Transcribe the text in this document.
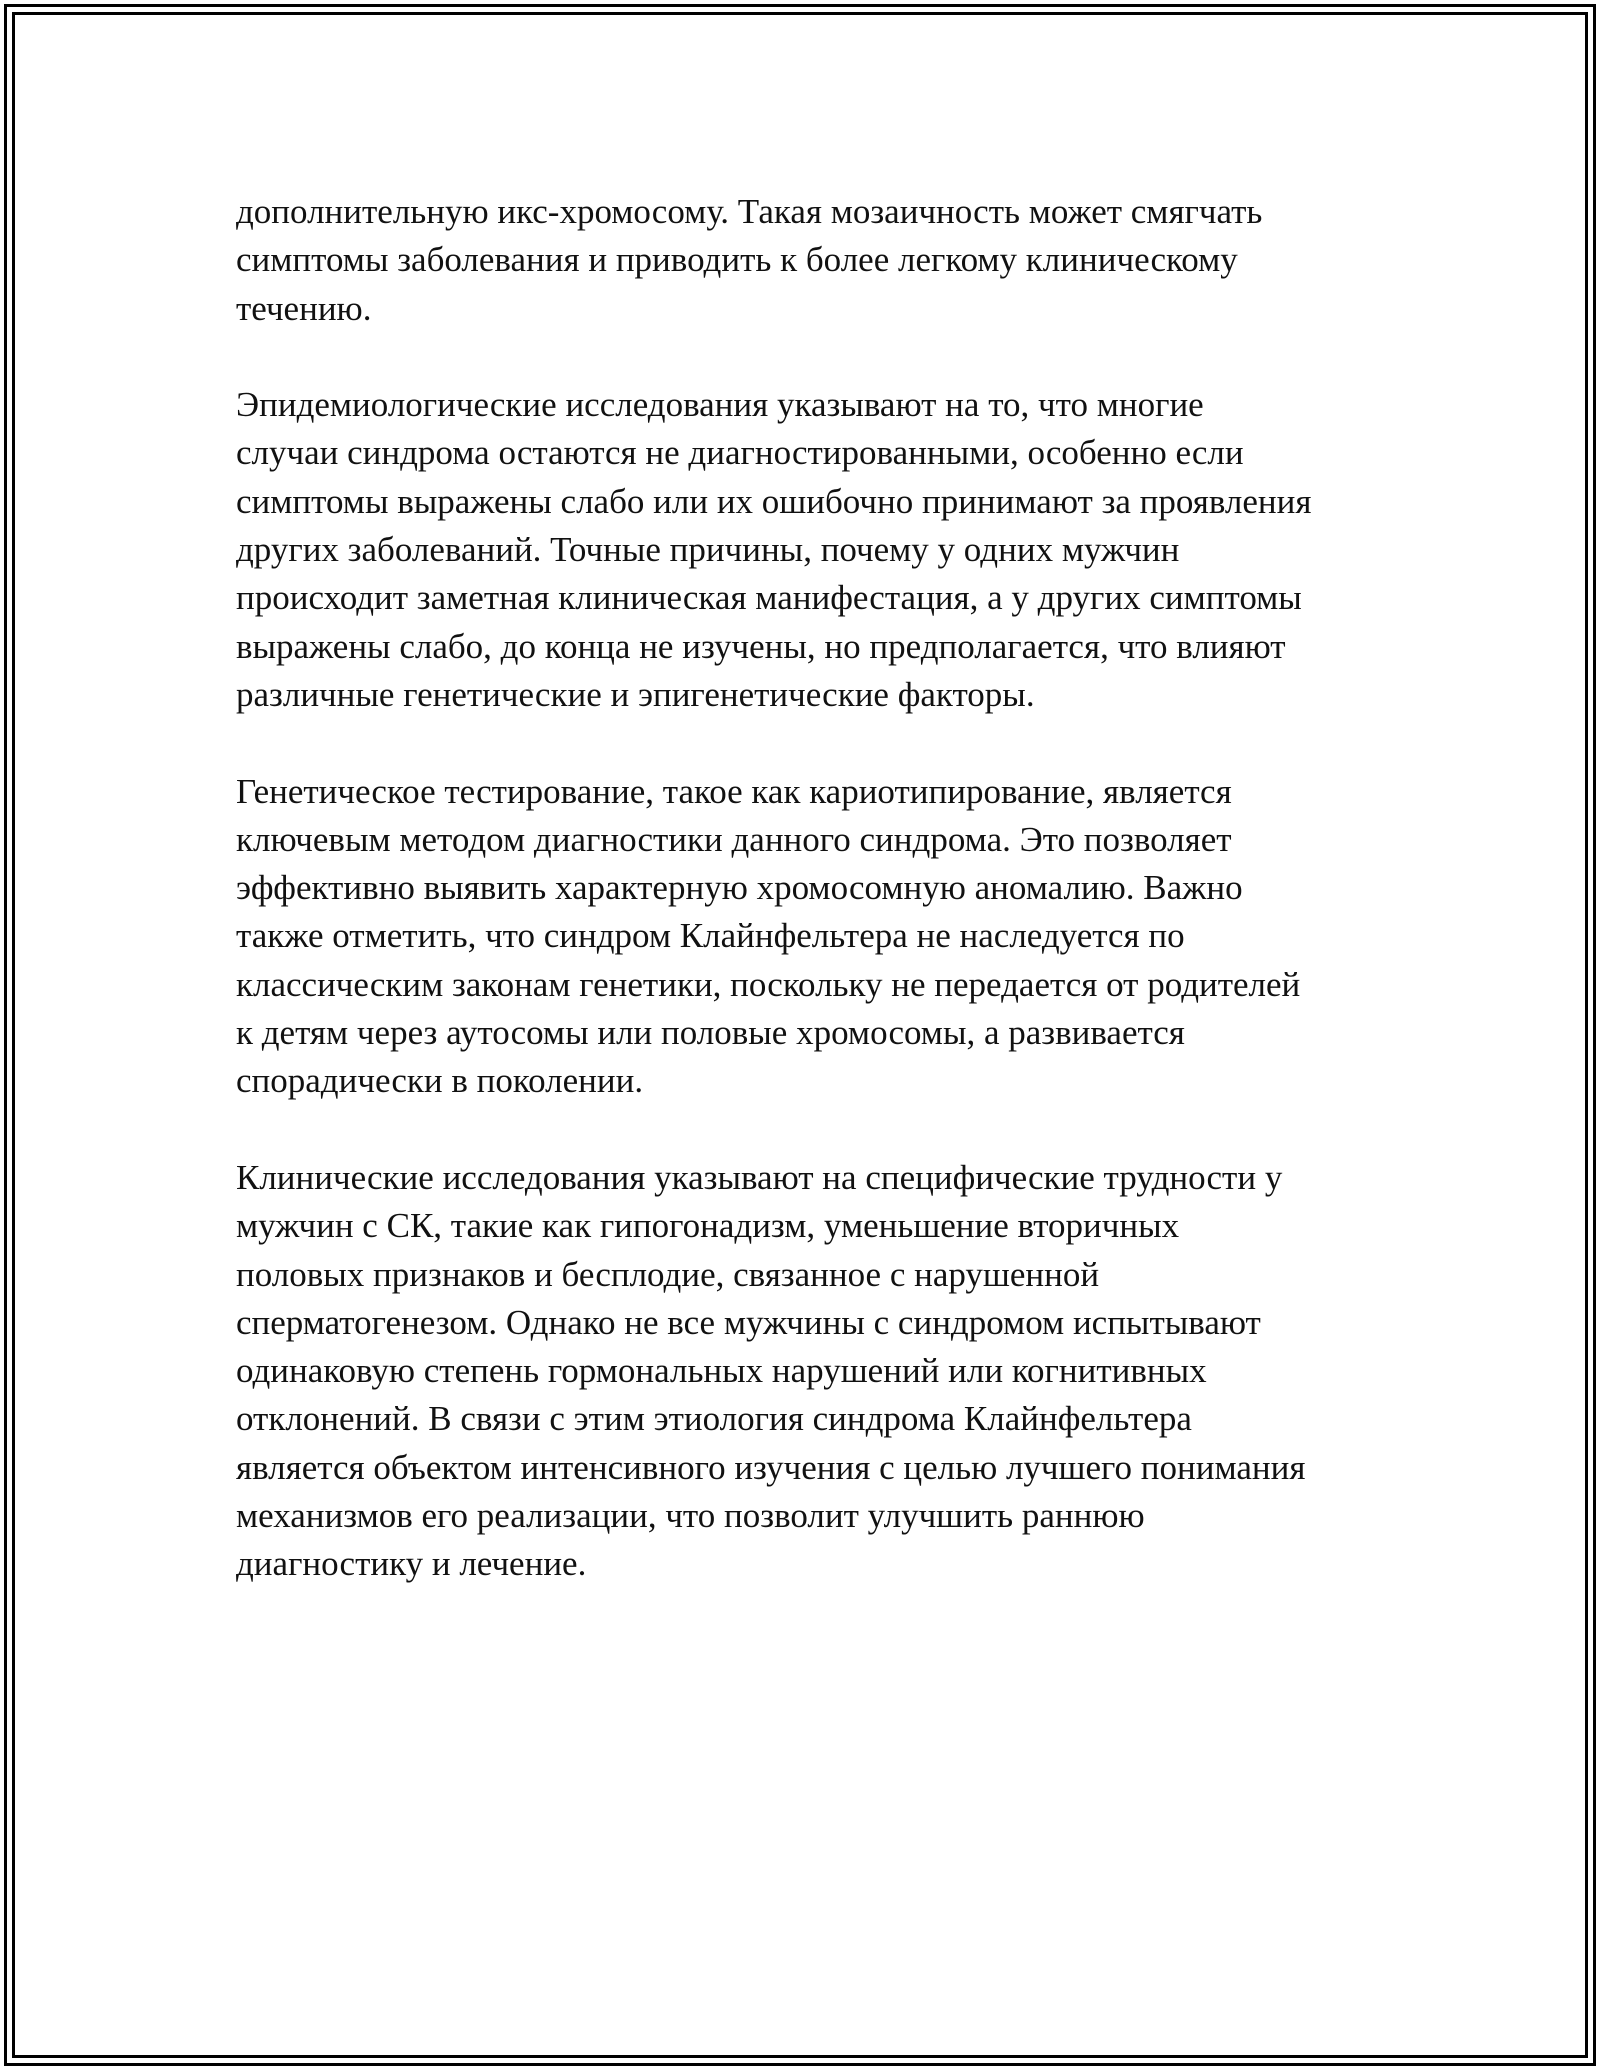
дополнительную икс-хромосому. Такая мозаичность может смягчать
симптомы заболевания и приводить к более легкому клиническому
течению.

Эпидемиологические исследования указывают на то, что многие
случаи синдрома остаются не диагностированными, особенно если
симптомы выражены слабо или их ошибочно принимают за проявления
других заболеваний. Точные причины, почему у одних мужчин
происходит заметная клиническая манифестация, а у других симптомы
выражены слабо, до конца не изучены, но предполагается, что влияют
различные генетические и эпигенетические факторы.

Генетическое тестирование, такое как кариотипирование, является
ключевым методом диагностики данного синдрома. Это позволяет
эффективно выявить характерную хромосомную аномалию. Важно
также отметить, что синдром Клайнфельтера не наследуется по
классическим законам генетики, поскольку не передается от родителей
к детям через аутосомы или половые хромосомы, а развивается
спорадически в поколении.

Клинические исследования указывают на специфические трудности у
мужчин с СК, такие как гипогонадизм, уменьшение вторичных
половых признаков и бесплодие, связанное с нарушенной
сперматогенезом. Однако не все мужчины с синдромом испытывают
одинаковую степень гормональных нарушений или когнитивных
отклонений. В связи с этим этиология синдрома Клайнфельтера
является объектом интенсивного изучения с целью лучшего понимания
механизмов его реализации, что позволит улучшить раннюю
диагностику и лечение.
